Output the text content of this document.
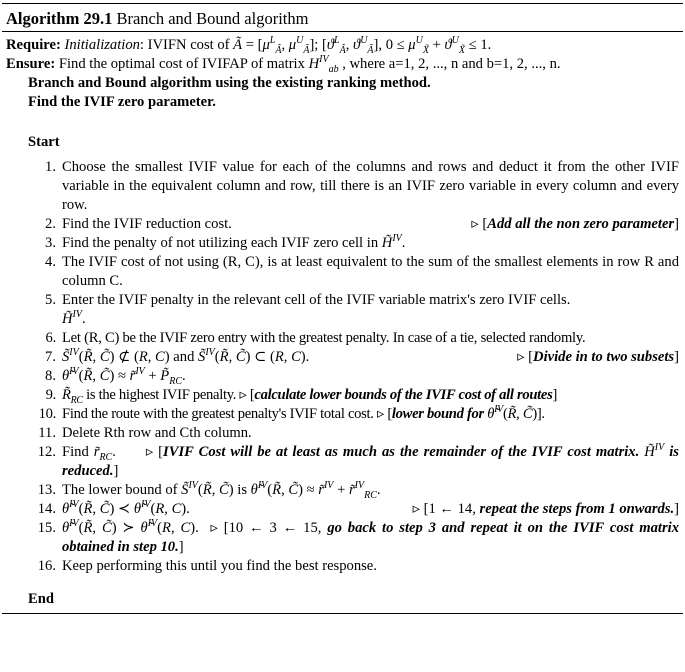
Algorithm 29.1 Branch and Bound algorithm
Require: Initialization: IVIFN cost of Ã = [$\mu^L_Ã$, $\mu^U_Ã$]; [$ϑ^L_Ã$, $ϑ^U_Ã$], $0 \le \mu^U_{X̃} + ϑ^U_{X̃} \le 1$.
Ensure: Find the optimal cost of IVIFAP of matrix $H^{IV}_{ab}$ , where a=1, 2, ..., n and b=1, 2, ..., n.
Branch and Bound algorithm using the existing ranking method.
Find the IVIF zero parameter.
Start
1. Choose the smallest IVIF value for each of the columns and rows and deduct it from the other IVIF variable in the equivalent column and row, till there is an IVIF zero variable in every column and every row.
2. Find the IVIF reduction cost.	▹ [Add all the non zero parameter]
3. Find the penalty of not utilizing each IVIF zero cell in H̃$^{IV}$.
4. The IVIF cost of not using (R, C), is at least equivalent to the sum of the smallest elements in row R and column C.
5. Enter the IVIF penalty in the relevant cell of the IVIF variable matrix's zero IVIF cells.
H̃$^{IV}$.
6. Let (R, C) be the IVIF zero entry with the greatest penalty. In case of a tie, selected randomly.
7. S̃$^{IV}$(R̃, C̃) ⊄ (R, C) and S̃$^{IV}$(R̃, C̃) ⊂ (R, C).	▹ [Divide in to two subsets]
8. θ̃$^{IV}$(R̃, C̃) ≈ r̃$^{IV}$ + $P̃_{RC}$.
9. $R̃_{RC}$ is the highest IVIF penalty. ▹ [calculate lower bounds of the IVIF cost of all routes]
10. Find the route with the greatest penalty's IVIF total cost. ▹ [lower bound for θ̃$^{IV}$(R̃, C̃)].
11. Delete Rth row and Cth column.
12. Find $r̃_{RC}$.      ▹ [IVIF Cost will be at least as much as the remainder of the IVIF cost matrix. H̃$^{IV}$ is reduced.]
13. The lower bound of S̃$^{IV}$(R̃, C̃) is θ̃$^{IV}$(R̃, C̃) ≈ r̃$^{IV}$ + r̃$^{IV}_{RC}$.
14. θ̃$^{IV}$(R̃, C̃) ≺ θ̃$^{IV}$(R, C).	▹ [1 ← 14, repeat the steps from 1 onwards.]
15. θ̃$^{IV}$(R̃, C̃) ≻ θ̃$^{IV}$(R, C).  ▹ [10 ← 3 ← 15, go back to step 3 and repeat it on the IVIF cost matrix obtained in step 10.]
16. Keep performing this until you find the best response.
End
